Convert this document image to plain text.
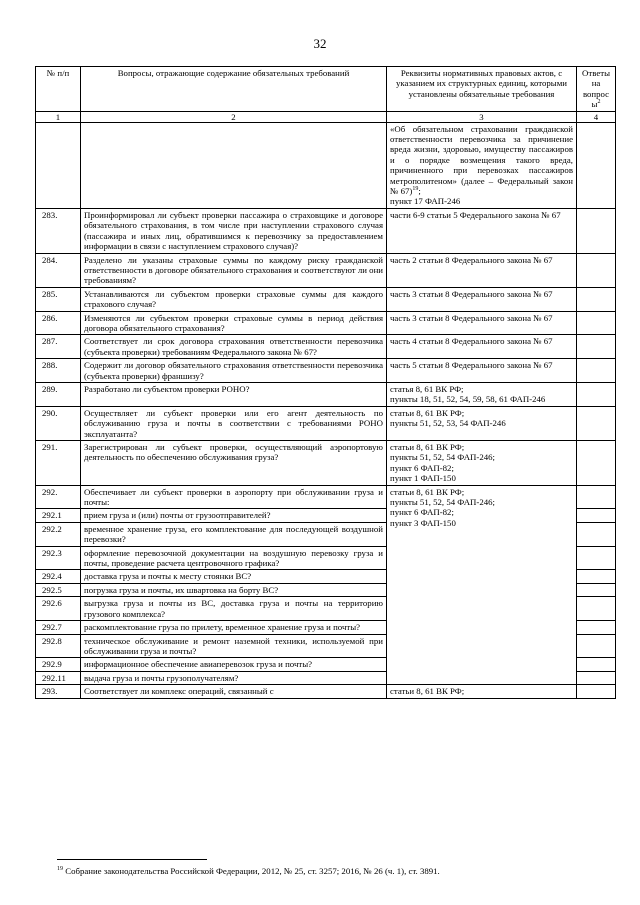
32
№ п/п	Вопросы, отражающие содержание обязательных требований	Реквизиты нормативных правовых актов, с указанием их структурных единиц, которыми установлены обязательные требования	Ответы на вопросы$^2$
1	2	3	4

		«Об обязательном страховании гражданской ответственности перевозчика за причинение вреда жизни, здоровью, имуществу пассажиров и о порядке возмещения такого вреда, причиненного при перевозках пассажиров метрополитеном» (далее – Федеральный закон № 67)$^{19}$;
пункт 17 ФАП-246	

283.	Проинформировал ли субъект проверки пассажира о страховщике и договоре обязательного страхования, в том числе при наступлении страхового случая (пассажира и иных лиц, обратившимся к перевозчику за предоставлением информации в связи с наступлением страхового случая)?	части 6-9 статьи 5 Федерального закона № 67	

284.	Разделено ли указаны страховые суммы по каждому риску гражданской ответственности в договоре обязательного страхования и соответствуют ли они требованиям?	часть 2 статьи 8 Федерального закона № 67	

285.	Устанавливаются ли субъектом проверки страховые суммы для каждого страхового случая?	часть 3 статьи 8 Федерального закона № 67	

286.	Изменяются ли субъектом проверки страховые суммы в период действия договора обязательного страхования?	часть 3 статьи 8 Федерального закона № 67	

287.	Соответствует ли срок договора страхования ответственности перевозчика (субъекта проверки) требованиям Федерального закона № 67?	часть 4 статьи 8 Федерального закона № 67	

288.	Содержит ли договор обязательного страхования ответственности перевозчика (субъекта проверки) франшизу?	часть 5 статьи 8 Федерального закона № 67	

289.	Разработано ли субъектом проверки РОНО?	статья 8, 61 ВК РФ;
пункты 18, 51, 52, 54, 59, 58, 61 ФАП-246	

290.	Осуществляет ли субъект проверки или его агент деятельность по обслуживанию груза и почты в соответствии с требованиями РОНО эксплуатанта?	статьи 8, 61 ВК РФ;
пункты 51, 52, 53, 54 ФАП-246	

291.	Зарегистрирован ли субъект проверки, осуществляющий аэропортовую деятельность по обеспечению обслуживания груза?	статьи 8, 61 ВК РФ;
пункты 51, 52, 54 ФАП-246;
пункт 6 ФАП-82;
пункт 1 ФАП-150	

292.	Обеспечивает ли субъект проверки в аэропорту при обслуживании груза и почты:	статьи 8, 61 ВК РФ;
пункты 51, 52, 54 ФАП-246;
пункт 6 ФАП-82;
пункт 3 ФАП-150	

292.1	прием груза и (или) почты от грузоотправителей?		
292.2	временное хранение груза, его комплектование для последующей воздушной перевозки?		
292.3	оформление перевозочной документации на воздушную перевозку груза и почты, проведение расчета центровочного графика?		
292.4	доставка груза и почты к месту стоянки ВС?		
292.5	погрузка груза и почты, их швартовка на борту ВС?		
292.6	выгрузка груза и почты из ВС, доставка груза и почты на территорию грузового комплекса?		
292.7	раскомплектование груза по прилету, временное хранение груза и почты?		
292.8	техническое обслуживание и ремонт наземной техники, используемой при обслуживании груза и почты?		
292.9	информационное обеспечение авиаперевозок груза и почты?		
292.11	выдача груза и почты грузополучателям?		
293.	Соответствует ли комплекс операций, связанный с	статьи 8, 61 ВК РФ;	

$^{19}$ Собрание законодательства Российской Федерации, 2012, № 25, ст. 3257; 2016, № 26 (ч. 1), ст. 3891.
